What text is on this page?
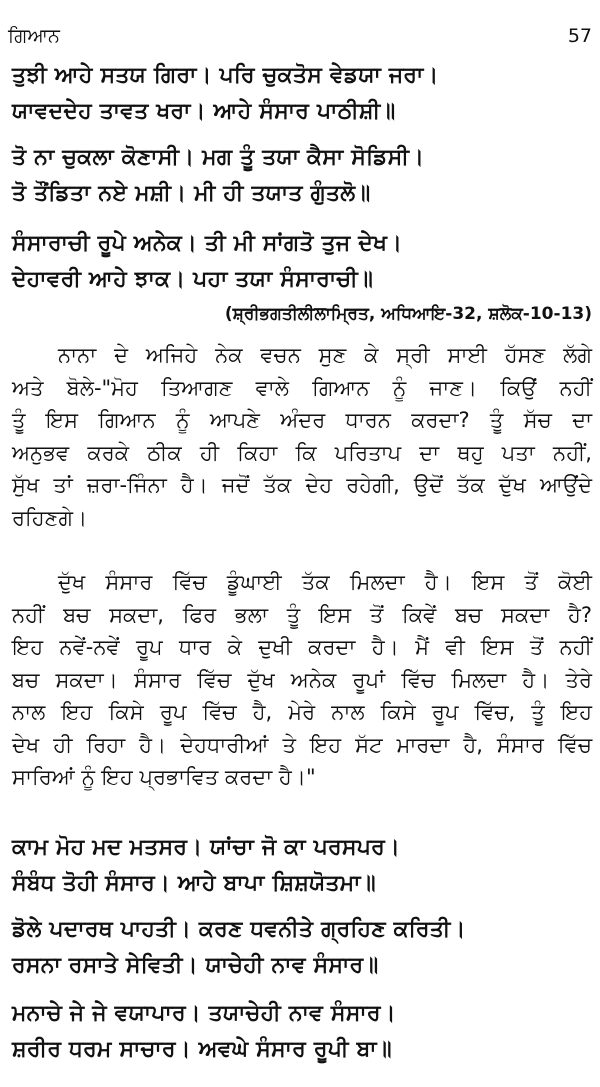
ਗਿਆਨ	57
ਤੁਝੀ ਆਹੇ ਸਤਯ ਗਿਰਾ। ਪਰਿ ਚੁਕਤੋਸ ਵੇਡਯਾ ਜਰਾ।
ਯਾਵਦਦੇਹ ਤਾਵਤ ਖਰਾ। ਆਹੇ ਸੰਸਾਰ ਪਾਠੀਸ਼ੀ॥
ਤੋ ਨਾ ਚੁਕਲਾ ਕੋਣਾਸੀ। ਮਗ ਤੂੰ ਤਯਾ ਕੈਸਾ ਸੋਡਿਸੀ।
ਤੋ ਤੌਂਡਿਤਾ ਨਏ ਮਸ਼ੀ। ਮੀ ਹੀ ਤਯਾਤ ਗੁੰਤਲੋ॥
ਸੰਸਾਰਾਚੀ ਰੂਪੇ ਅਨੇਕ। ਤੀ ਮੀ ਸਾਂਗਤੋ ਤੁਜ ਦੇਖ।
ਦੇਹਾਵਰੀ ਆਹੇ ਝਾਕ। ਪਹਾ ਤਯਾ ਸੰਸਾਰਾਚੀ॥
(ਸ਼੍ਰੀਭਗਤੀਲੀਲਾਮ੍ਰਿਤ, ਅਧਿਆਇ-32, ਸ਼ਲੋਕ-10-13)
ਨਾਨਾ ਦੇ ਅਜਿਹੇ ਨੇਕ ਵਚਨ ਸੁਣ ਕੇ ਸ੍ਰੀ ਸਾਈ ਹੱਸਣ ਲੱਗੇ
ਅਤੇ ਬੋਲੇ-"ਮੋਹ ਤਿਆਗਣ ਵਾਲੇ ਗਿਆਨ ਨੂੰ ਜਾਣ। ਕਿਉਂ ਨਹੀਂ
ਤੂੰ ਇਸ ਗਿਆਨ ਨੂੰ ਆਪਣੇ ਅੰਦਰ ਧਾਰਨ ਕਰਦਾ? ਤੂੰ ਸੱਚ ਦਾ
ਅਨੁਭਵ ਕਰਕੇ ਠੀਕ ਹੀ ਕਿਹਾ ਕਿ ਪਰਿਤਾਪ ਦਾ ਥਹੁ ਪਤਾ ਨਹੀਂ,
ਸੁੱਖ ਤਾਂ ਜ਼ਰਾ-ਜਿੰਨਾ ਹੈ। ਜਦੋਂ ਤੱਕ ਦੇਹ ਰਹੇਗੀ, ਉਦੋਂ ਤੱਕ ਦੁੱਖ ਆਉਂਦੇ
ਰਹਿਣਗੇ।
ਦੁੱਖ ਸੰਸਾਰ ਵਿੱਚ ਡੂੰਘਾਈ ਤੱਕ ਮਿਲਦਾ ਹੈ। ਇਸ ਤੋਂ ਕੋਈ
ਨਹੀਂ ਬਚ ਸਕਦਾ, ਫਿਰ ਭਲਾ ਤੂੰ ਇਸ ਤੋਂ ਕਿਵੇਂ ਬਚ ਸਕਦਾ ਹੈ?
ਇਹ ਨਵੇਂ-ਨਵੇਂ ਰੂਪ ਧਾਰ ਕੇ ਦੁਖੀ ਕਰਦਾ ਹੈ। ਮੈਂ ਵੀ ਇਸ ਤੋਂ ਨਹੀਂ
ਬਚ ਸਕਦਾ। ਸੰਸਾਰ ਵਿੱਚ ਦੁੱਖ ਅਨੇਕ ਰੂਪਾਂ ਵਿੱਚ ਮਿਲਦਾ ਹੈ। ਤੇਰੇ
ਨਾਲ ਇਹ ਕਿਸੇ ਰੂਪ ਵਿੱਚ ਹੈ, ਮੇਰੇ ਨਾਲ ਕਿਸੇ ਰੂਪ ਵਿੱਚ, ਤੂੰ ਇਹ
ਦੇਖ ਹੀ ਰਿਹਾ ਹੈ। ਦੇਹਧਾਰੀਆਂ ਤੇ ਇਹ ਸੱਟ ਮਾਰਦਾ ਹੈ, ਸੰਸਾਰ ਵਿੱਚ
ਸਾਰਿਆਂ ਨੂੰ ਇਹ ਪ੍ਰਭਾਵਿਤ ਕਰਦਾ ਹੈ।"
ਕਾਮ ਮੋਹ ਮਦ ਮਤਸਰ। ਯਾਂਚਾ ਜੋ ਕਾ ਪਰਸਪਰ।
ਸੰਬੰਧ ਤੋਹੀ ਸੰਸਾਰ। ਆਹੇ ਬਾਪਾ ਸ਼ਿਸ਼ਯੋਤਮਾ॥
ਡੋਲੇ ਪਦਾਰਥ ਪਾਹਤੀ। ਕਰਣ ਧਵਨੀਤੇ ਗ੍ਰਹਿਣ ਕਰਿਤੀ।
ਰਸਨਾ ਰਸਾਤੇ ਸੇਵਿਤੀ। ਯਾਚੇਹੀ ਨਾਵ ਸੰਸਾਰ॥
ਮਨਾਚੇ ਜੇ ਜੇ ਵਯਾਪਾਰ। ਤਯਾਚੇਹੀ ਨਾਵ ਸੰਸਾਰ।
ਸ਼ਰੀਰ ਧਰਮ ਸਾਚਾਰ। ਅਵਘੇ ਸੰਸਾਰ ਰੂਪੀ ਬਾ॥
